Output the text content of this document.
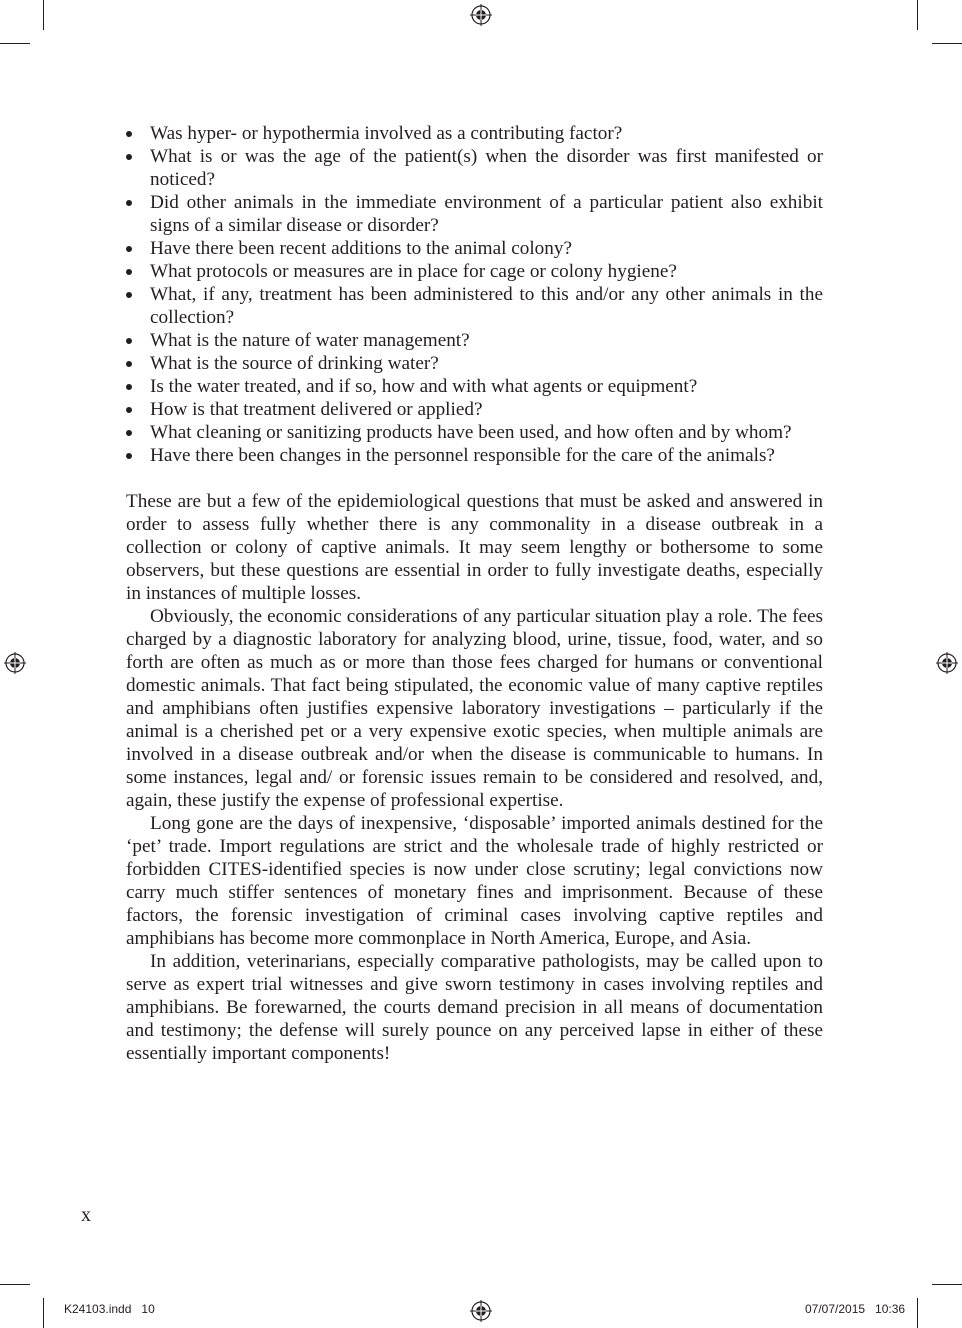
Was hyper- or hypothermia involved as a contributing factor?
What is or was the age of the patient(s) when the disorder was first manifested or noticed?
Did other animals in the immediate environment of a particular patient also exhibit signs of a similar disease or disorder?
Have there been recent additions to the animal colony?
What protocols or measures are in place for cage or colony hygiene?
What, if any, treatment has been administered to this and/or any other animals in the collection?
What is the nature of water management?
What is the source of drinking water?
Is the water treated, and if so, how and with what agents or equipment?
How is that treatment delivered or applied?
What cleaning or sanitizing products have been used, and how often and by whom?
Have there been changes in the personnel responsible for the care of the animals?

These are but a few of the epidemiological questions that must be asked and answered in order to assess fully whether there is any commonality in a disease outbreak in a collection or colony of captive animals. It may seem lengthy or bothersome to some observers, but these questions are essential in order to fully investigate deaths, especially in instances of multiple losses.

Obviously, the economic considerations of any particular situation play a role. The fees charged by a diagnostic laboratory for analyzing blood, urine, tissue, food, water, and so forth are often as much as or more than those fees charged for humans or conventional domestic animals. That fact being stipulated, the economic value of many captive reptiles and amphibians often justifies expensive laboratory investigations – particularly if the animal is a cherished pet or a very expensive exotic species, when multiple animals are involved in a disease outbreak and/or when the disease is communicable to humans. In some instances, legal and/ or forensic issues remain to be considered and resolved, and, again, these justify the expense of professional expertise.

Long gone are the days of inexpensive, ‘disposable’ imported animals destined for the ‘pet’ trade. Import regulations are strict and the wholesale trade of highly restricted or forbidden CITES-identified species is now under close scrutiny; legal convictions now carry much stiffer sentences of monetary fines and imprisonment. Because of these factors, the forensic investigation of criminal cases involving captive reptiles and amphibians has become more commonplace in North America, Europe, and Asia.

In addition, veterinarians, especially comparative pathologists, may be called upon to serve as expert trial witnesses and give sworn testimony in cases involving reptiles and amphibians. Be forewarned, the courts demand precision in all means of documentation and testimony; the defense will surely pounce on any perceived lapse in either of these essentially important components!

x
K24103.indd   10	07/07/2015   10:36
